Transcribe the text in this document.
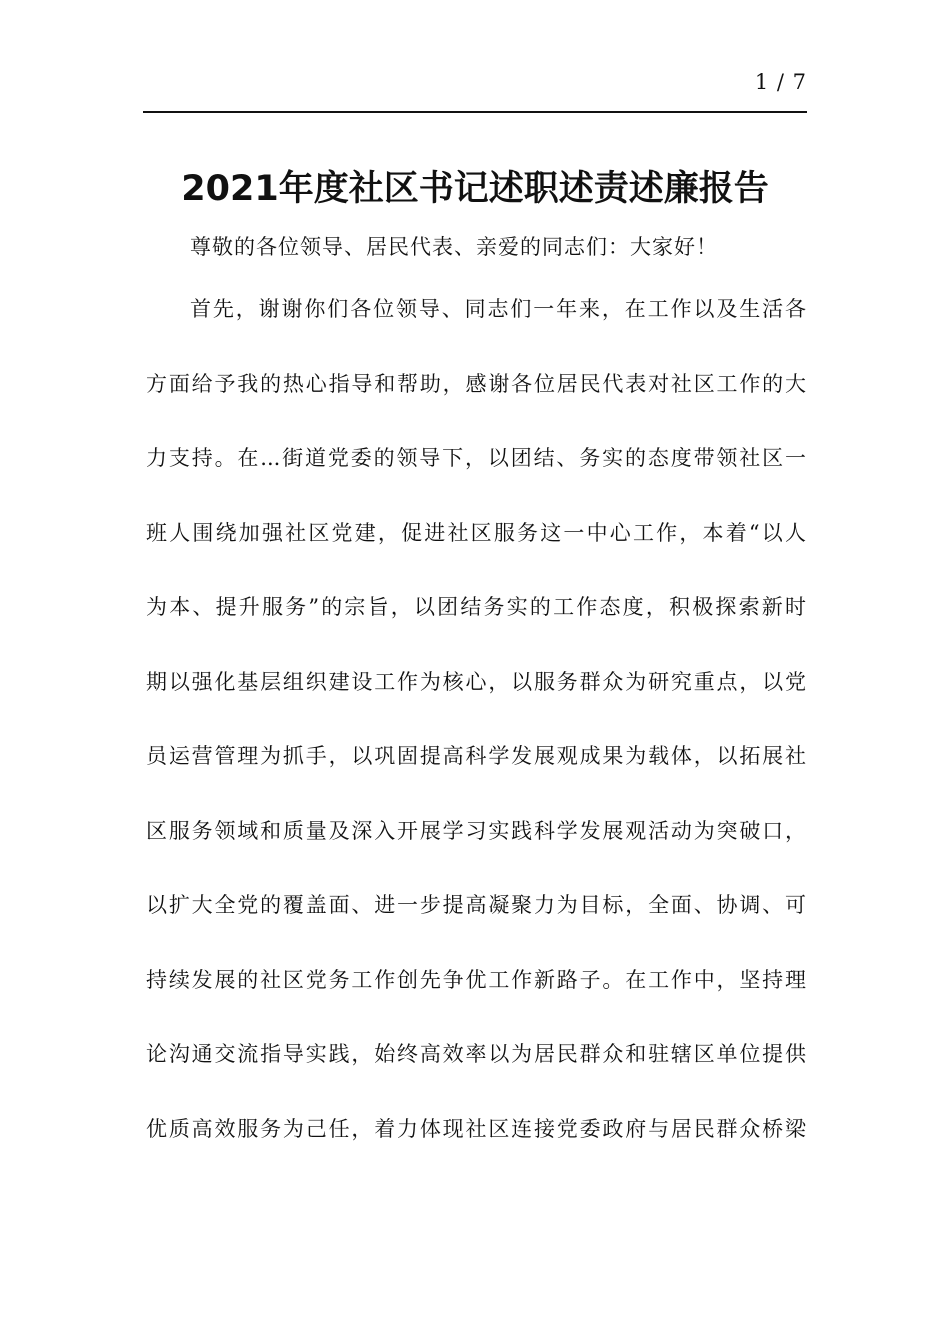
1 / 7
2021年度社区书记述职述责述廉报告

尊敬的各位领导、居民代表、亲爱的同志们：大家好！

首先，谢谢你们各位领导、同志们一年来，在工作以及生活各
方面给予我的热心指导和帮助，感谢各位居民代表对社区工作的大
力支持。在...街道党委的领导下，以团结、务实的态度带领社区一
班人围绕加强社区党建，促进社区服务这一中心工作，本着“以人
为本、提升服务”的宗旨，以团结务实的工作态度，积极探索新时
期以强化基层组织建设工作为核心，以服务群众为研究重点，以党
员运营管理为抓手，以巩固提高科学发展观成果为载体，以拓展社
区服务领域和质量及深入开展学习实践科学发展观活动为突破口，
以扩大全党的覆盖面、进一步提高凝聚力为目标，全面、协调、可
持续发展的社区党务工作创先争优工作新路子。在工作中，坚持理
论沟通交流指导实践，始终高效率以为居民群众和驻辖区单位提供
优质高效服务为己任，着力体现社区连接党委政府与居民群众桥梁
